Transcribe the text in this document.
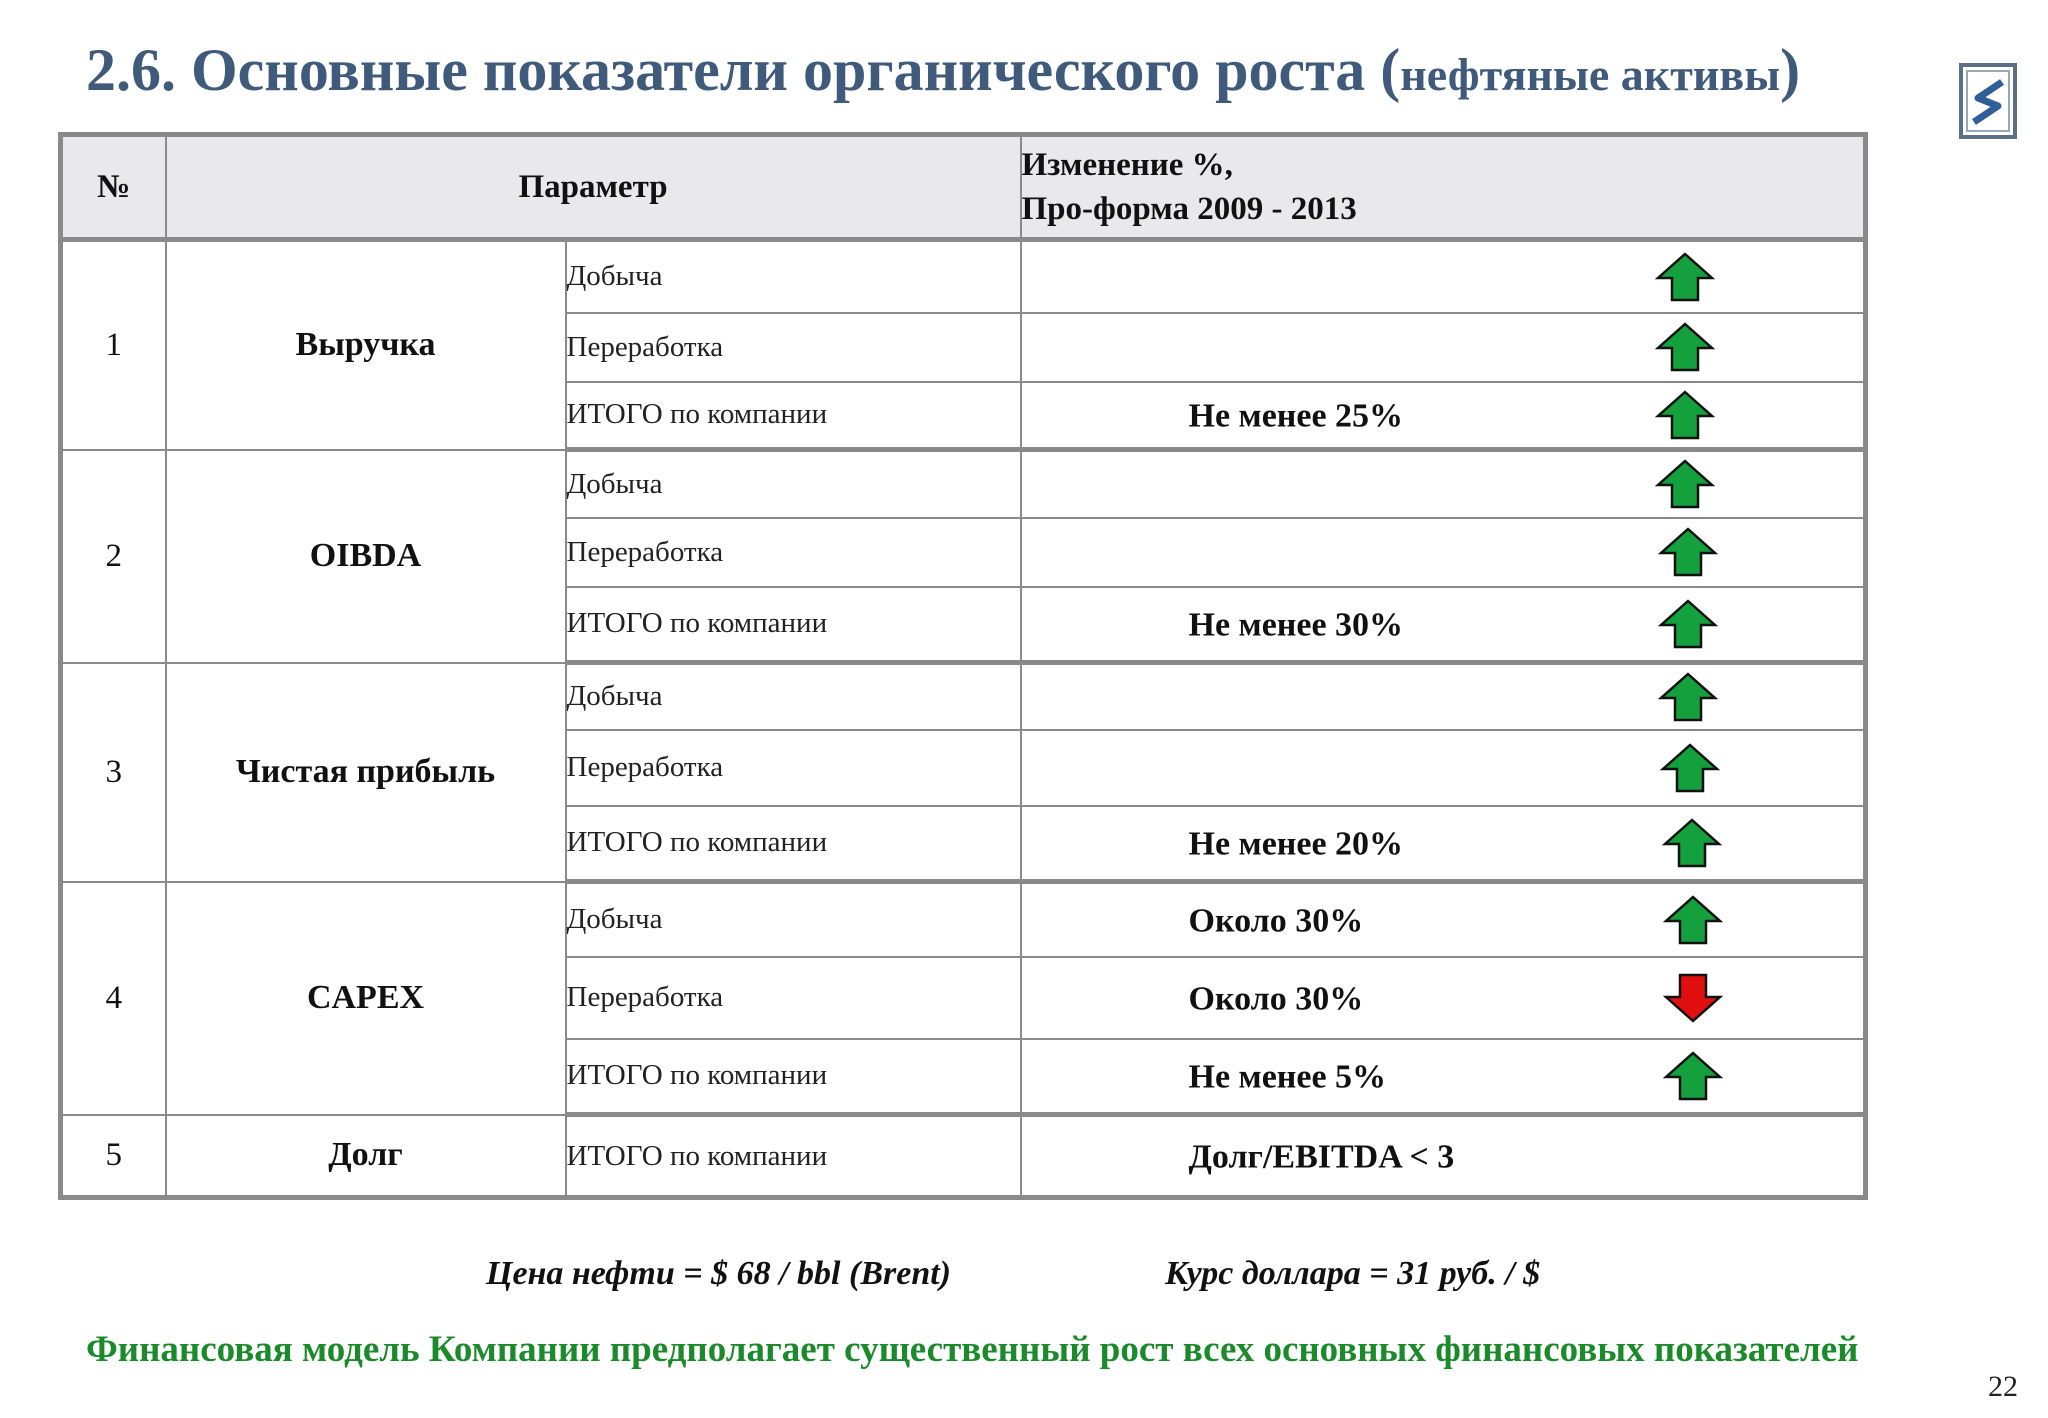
2.6. Основные показатели органического роста (нефтяные активы)
№	Параметр		Изменение %,
Про-форма 2009 - 2013

1	Выручка	Добыча	

		Переработка	

		ИТОГО по компании	Не менее 25%

2	OIBDA	Добыча	

		Переработка	

		ИТОГО по компании	Не менее 30%

3	Чистая прибыль	Добыча	

		Переработка	

		ИТОГО по компании	Не менее 20%

4	CAPEX	Добыча	Около 30%

		Переработка	Около 30%

		ИТОГО по компании	Не менее 5%

5	Долг	ИТОГО по компании	Долг/EBITDA < 3
Цена нефти = $ 68 / bbl (Brent)	Курс доллара = 31 руб. / $
Финансовая модель Компании предполагает существенный рост всех основных финансовых показателей
22
